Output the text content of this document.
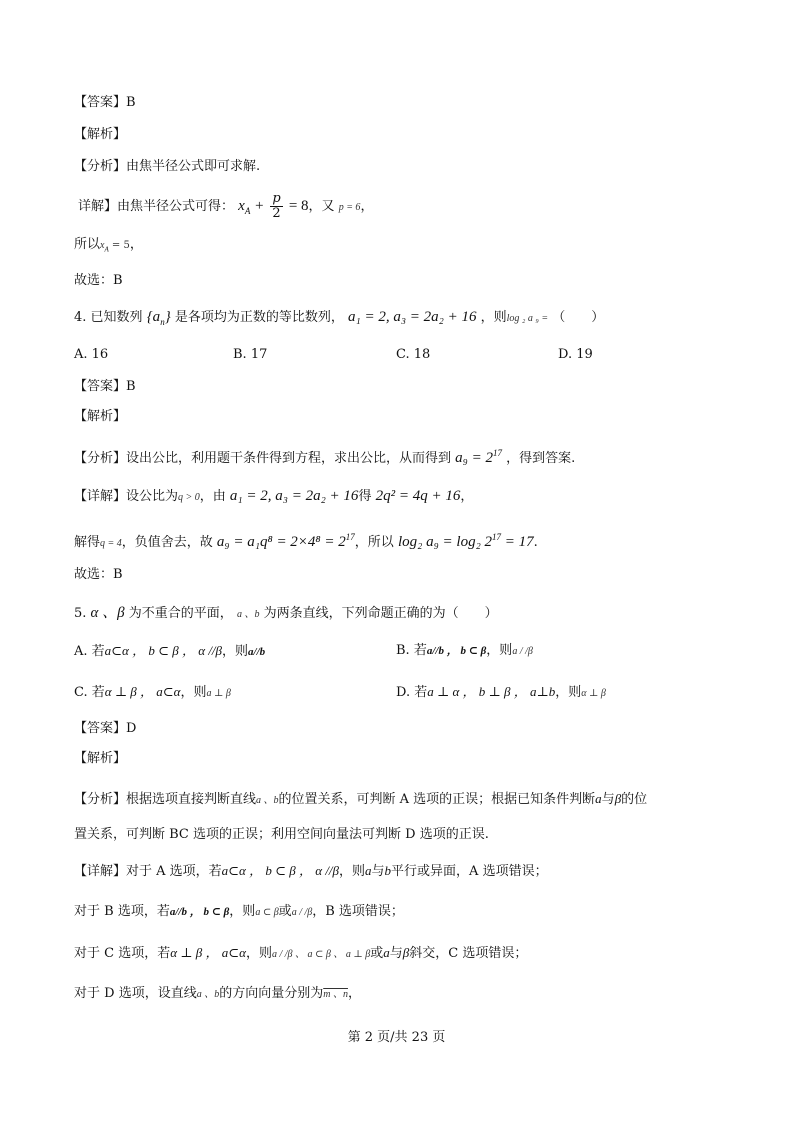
【答案】B
【解析】
【分析】由焦半径公式即可求解.
详解】由焦半径公式可得： $x_A + \frac{p}{2} = 8$，又 p = 6，
所以$x_A = 5$，
故选：B
4. 已知数列 $\{a_n\}$ 是各项均为正数的等比数列， a₁ = 2, a₃ = 2a₂ + 16 ，则log ₂ a ₉ = （　　）
A. 16	B. 17	C. 18	D. 19
【答案】B
【解析】
【分析】设出公比，利用题干条件得到方程，求出公比，从而得到 $a_9 = 2^{17}$ ，得到答案.
【详解】设公比为q > 0，由 a₁ = 2, a₃ = 2a₂ + 16得 2q² = 4q + 16，
解得q = 4，负值舍去，故 $a_9 = a_1q^8 = 2\times 4^8 = 2^{17}$，所以 log₂ a₉ = log₂ $2^{17} = 17$.
故选：B
5. α 、β 为不重合的平面， a 、b 为两条直线，下列命题正确的为（　　）
A. 若a⊂α ， b ⊂ β ， α //β，则a//b	B. 若a//b ， b ⊂ β，则a / /β
C. 若α ⊥ β ， a⊂α，则a ⊥ β	D. 若a ⊥ α ， b ⊥ β ， a⊥b，则α ⊥ β
【答案】D
【解析】
【分析】根据选项直接判断直线a 、b的位置关系，可判断 A 选项的正误；根据已知条件判断a与β的位
置关系，可判断 BC 选项的正误；利用空间向量法可判断 D 选项的正误.
【详解】对于 A 选项，若a⊂α ， b ⊂ β ， α //β，则a与b平行或异面，A 选项错误；
对于 B 选项，若a//b ， b ⊂ β，则a ⊂ β或a / /β，B 选项错误；
对于 C 选项，若α ⊥ β ， a⊂α，则a / /β 、 a ⊂ β 、 a ⊥ β或a与β斜交，C 选项错误；
对于 D 选项，设直线a 、b的方向向量分别为m 、n，
第 2 页/共 23 页
